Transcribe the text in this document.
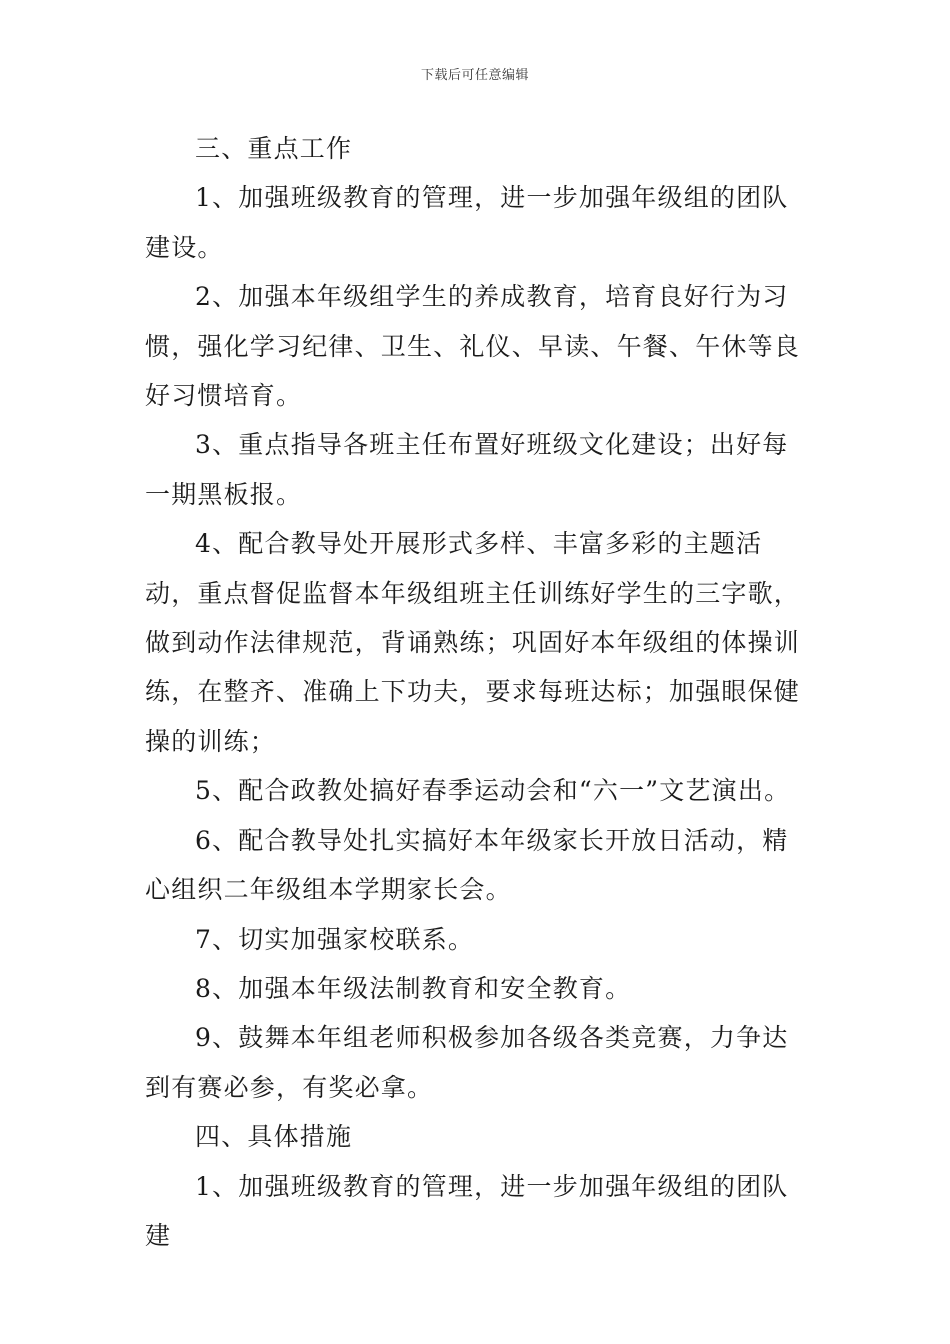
下载后可任意编辑

三、重点工作

1、加强班级教育的管理，进一步加强年级组的团队建设。

2、加强本年级组学生的养成教育，培育良好行为习惯，强化学习纪律、卫生、礼仪、早读、午餐、午休等良好习惯培育。

3、重点指导各班主任布置好班级文化建设；出好每一期黑板报。

4、配合教导处开展形式多样、丰富多彩的主题活动，重点督促监督本年级组班主任训练好学生的三字歌，做到动作法律规范，背诵熟练；巩固好本年级组的体操训练，在整齐、准确上下功夫，要求每班达标；加强眼保健操的训练；

5、配合政教处搞好春季运动会和“六一”文艺演出。

6、配合教导处扎实搞好本年级家长开放日活动，精心组织二年级组本学期家长会。

7、切实加强家校联系。

8、加强本年级法制教育和安全教育。

9、鼓舞本年组老师积极参加各级各类竞赛，力争达到有赛必参，有奖必拿。

四、具体措施

1、加强班级教育的管理，进一步加强年级组的团队建
